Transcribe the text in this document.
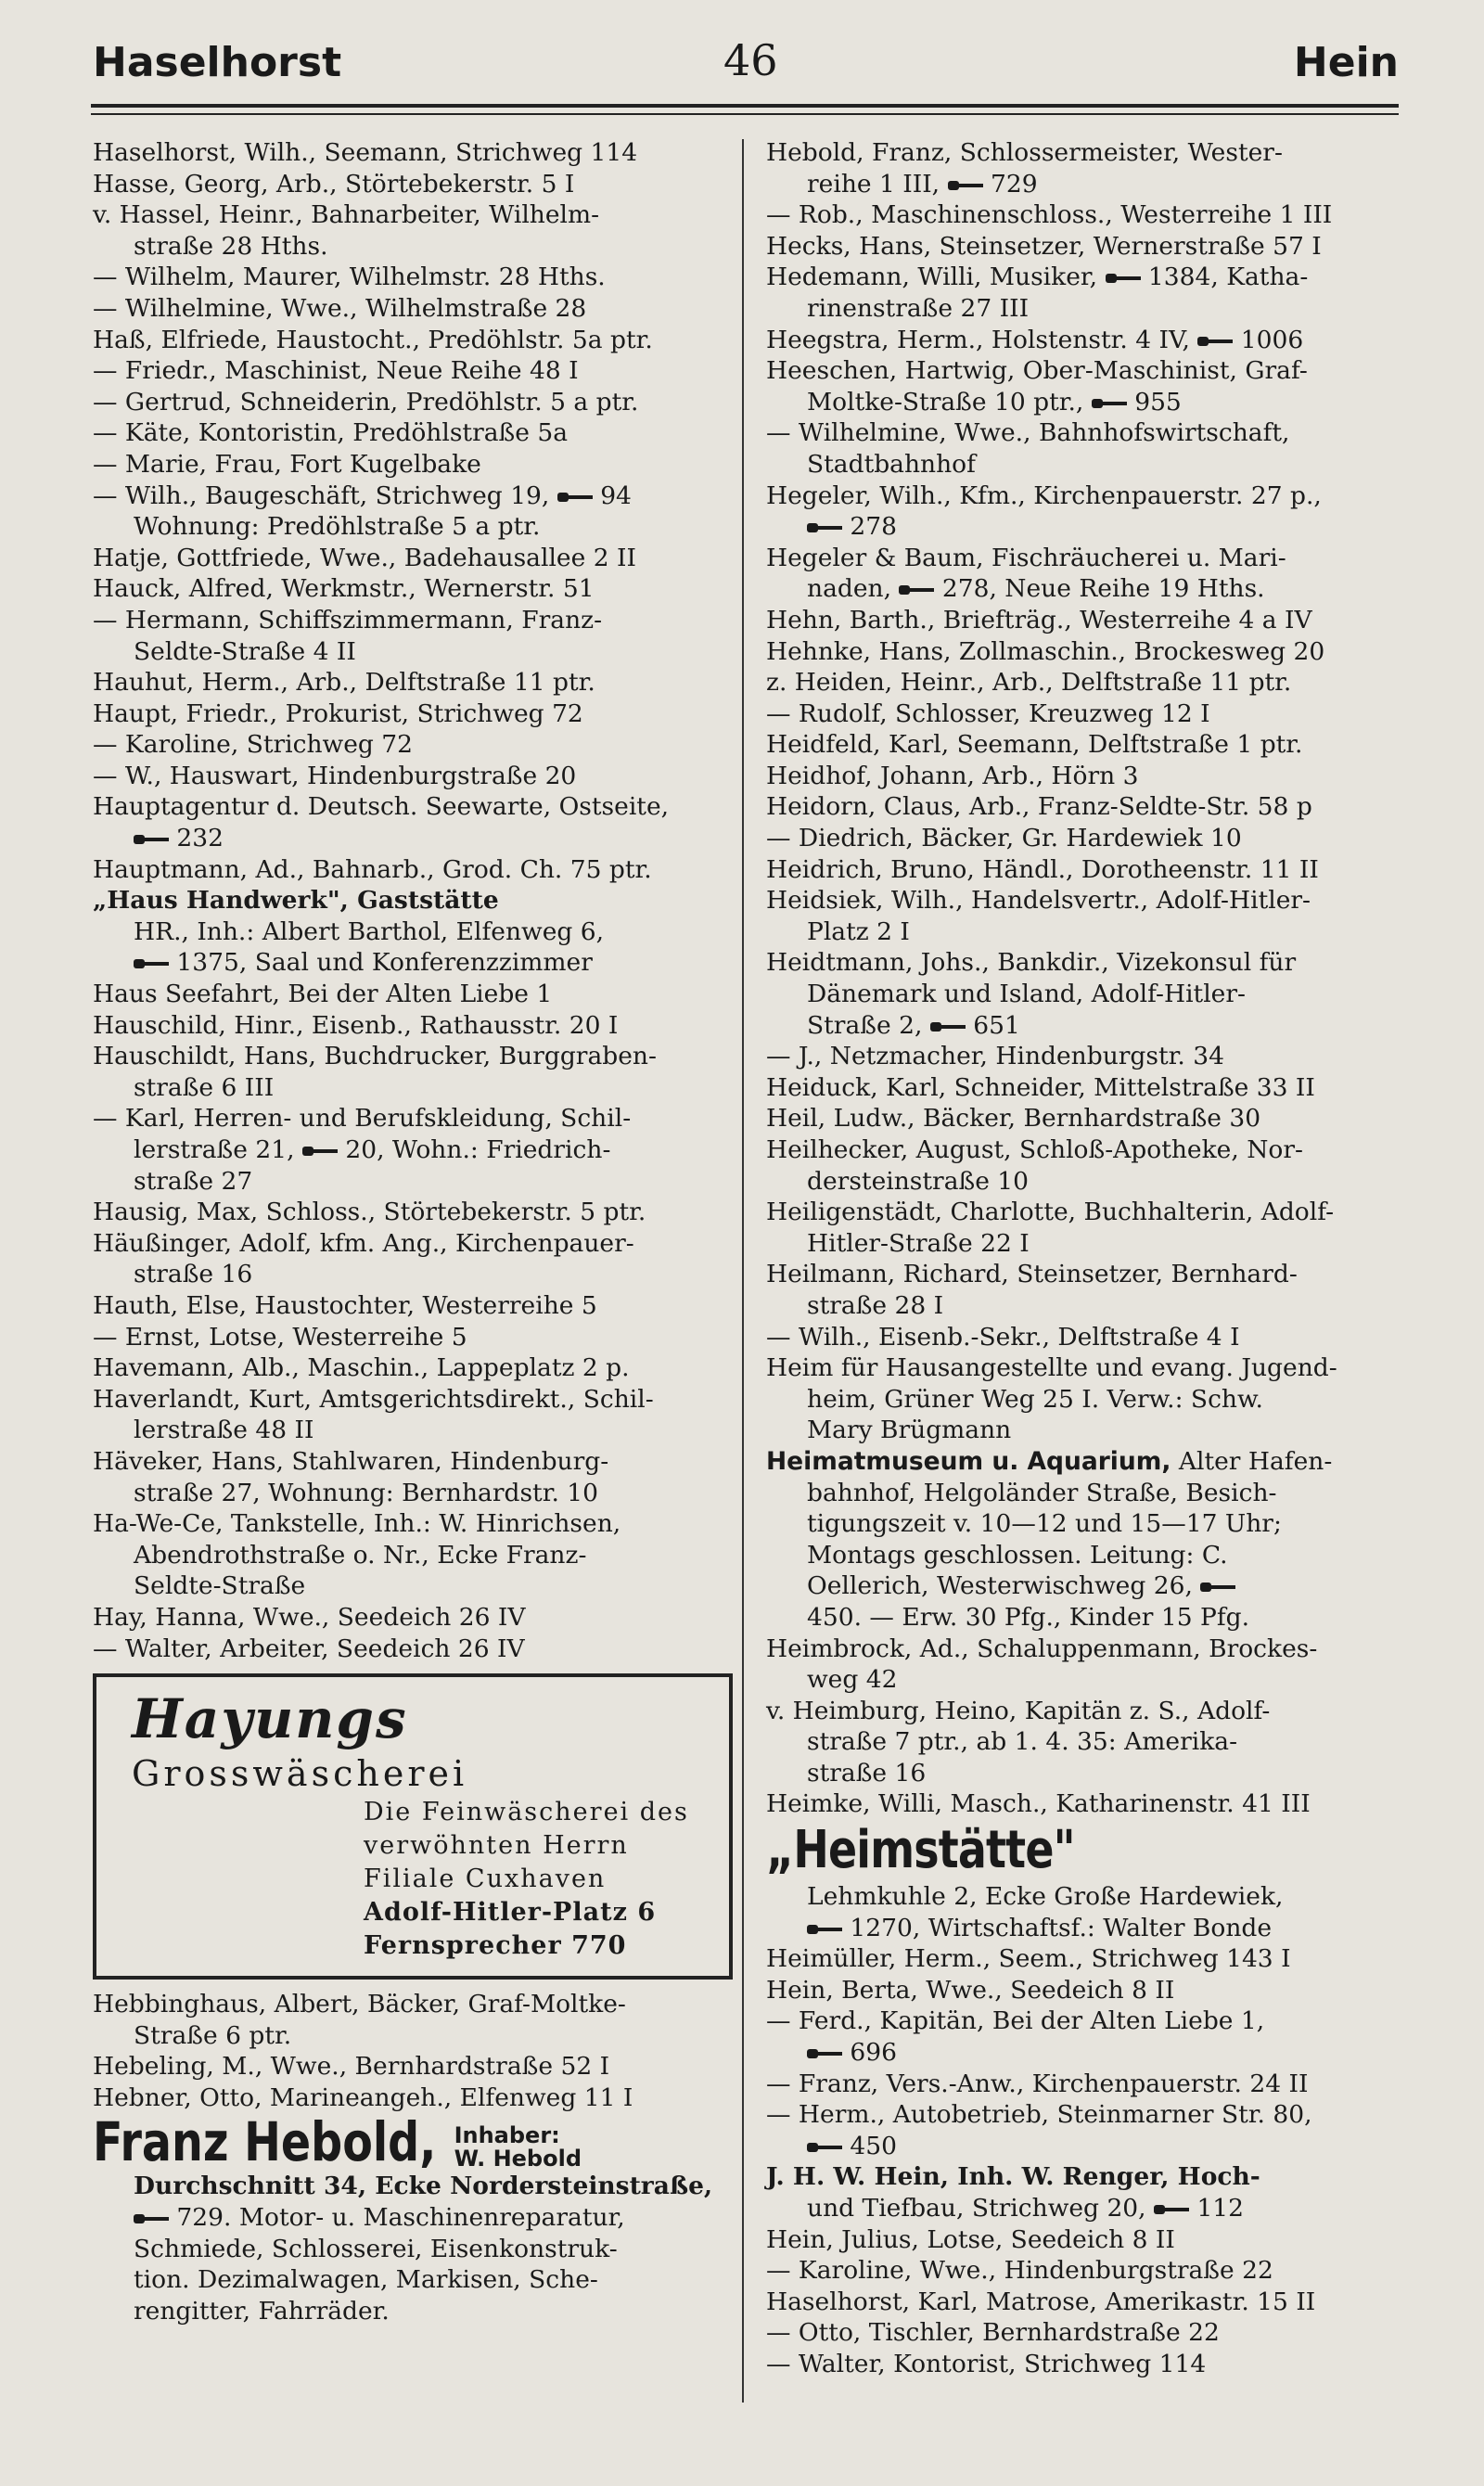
Haselhorst	46	Hein
Haselhorst, Wilh., Seemann, Strichweg 114
Hasse, Georg, Arb., Störtebekerstr. 5 I
v. Hassel, Heinr., Bahnarbeiter, Wilhelm-
straße 28 Hths.
— Wilhelm, Maurer, Wilhelmstr. 28 Hths.
— Wilhelmine, Wwe., Wilhelmstraße 28
Haß, Elfriede, Haustocht., Predöhlstr. 5a ptr.
— Friedr., Maschinist, Neue Reihe 48 I
— Gertrud, Schneiderin, Predöhlstr. 5 a ptr.
— Käte, Kontoristin, Predöhlstraße 5a
— Marie, Frau, Fort Kugelbake
— Wilh., Baugeschäft, Strichweg 19,  94
Wohnung: Predöhlstraße 5 a ptr.
Hatje, Gottfriede, Wwe., Badehausallee 2 II
Hauck, Alfred, Werkmstr., Wernerstr. 51
— Hermann, Schiffszimmermann, Franz-
Seldte-Straße 4 II
Hauhut, Herm., Arb., Delftstraße 11 ptr.
Haupt, Friedr., Prokurist, Strichweg 72
— Karoline, Strichweg 72
— W., Hauswart, Hindenburgstraße 20
Hauptagentur d. Deutsch. Seewarte, Ostseite,
232
Hauptmann, Ad., Bahnarb., Grod. Ch. 75 ptr.
„Haus Handwerk", Gaststätte
HR., Inh.: Albert Barthol, Elfenweg 6,
1375, Saal und Konferenzzimmer
Haus Seefahrt, Bei der Alten Liebe 1
Hauschild, Hinr., Eisenb., Rathausstr. 20 I
Hauschildt, Hans, Buchdrucker, Burggraben-
straße 6 III
— Karl, Herren- und Berufskleidung, Schil-
lerstraße 21,  20, Wohn.: Friedrich-
straße 27
Hausig, Max, Schloss., Störtebekerstr. 5 ptr.
Häußinger, Adolf, kfm. Ang., Kirchenpauer-
straße 16
Hauth, Else, Haustochter, Westerreihe 5
— Ernst, Lotse, Westerreihe 5
Havemann, Alb., Maschin., Lappeplatz 2 p.
Haverlandt, Kurt, Amtsgerichtsdirekt., Schil-
lerstraße 48 II
Häveker, Hans, Stahlwaren, Hindenburg-
straße 27, Wohnung: Bernhardstr. 10
Ha-We-Ce, Tankstelle, Inh.: W. Hinrichsen,
Abendrothstraße o. Nr., Ecke Franz-
Seldte-Straße
Hay, Hanna, Wwe., Seedeich 26 IV
— Walter, Arbeiter, Seedeich 26 IV
Hayungs
Grosswäscherei
Die Feinwäscherei des
verwöhnten Herrn
Filiale Cuxhaven
Adolf-Hitler-Platz 6
Fernsprecher 770
Hebbinghaus, Albert, Bäcker, Graf-Moltke-
Straße 6 ptr.
Hebeling, M., Wwe., Bernhardstraße 52 I
Hebner, Otto, Marineangeh., Elfenweg 11 I
Franz Hebold, Inhaber:
W. Hebold
Durchschnitt 34, Ecke Nordersteinstraße,
729. Motor- u. Maschinenreparatur,
Schmiede, Schlosserei, Eisenkonstruk-
tion. Dezimalwagen, Markisen, Sche-
rengitter, Fahrräder.
Hebold, Franz, Schlossermeister, Wester-
reihe 1 III,  729
— Rob., Maschinenschloss., Westerreihe 1 III
Hecks, Hans, Steinsetzer, Wernerstraße 57 I
Hedemann, Willi, Musiker,  1384, Katha-
rinenstraße 27 III
Heegstra, Herm., Holstenstr. 4 IV,  1006
Heeschen, Hartwig, Ober-Maschinist, Graf-
Moltke-Straße 10 ptr.,  955
— Wilhelmine, Wwe., Bahnhofswirtschaft,
Stadtbahnhof
Hegeler, Wilh., Kfm., Kirchenpauerstr. 27 p.,
278
Hegeler & Baum, Fischräucherei u. Mari-
naden,  278, Neue Reihe 19 Hths.
Hehn, Barth., Briefträg., Westerreihe 4 a IV
Hehnke, Hans, Zollmaschin., Brockesweg 20
z. Heiden, Heinr., Arb., Delftstraße 11 ptr.
— Rudolf, Schlosser, Kreuzweg 12 I
Heidfeld, Karl, Seemann, Delftstraße 1 ptr.
Heidhof, Johann, Arb., Hörn 3
Heidorn, Claus, Arb., Franz-Seldte-Str. 58 p
— Diedrich, Bäcker, Gr. Hardewiek 10
Heidrich, Bruno, Händl., Dorotheenstr. 11 II
Heidsiek, Wilh., Handelsvertr., Adolf-Hitler-
Platz 2 I
Heidtmann, Johs., Bankdir., Vizekonsul für
Dänemark und Island, Adolf-Hitler-
Straße 2,  651
— J., Netzmacher, Hindenburgstr. 34
Heiduck, Karl, Schneider, Mittelstraße 33 II
Heil, Ludw., Bäcker, Bernhardstraße 30
Heilhecker, August, Schloß-Apotheke, Nor-
dersteinstraße 10
Heiligenstädt, Charlotte, Buchhalterin, Adolf-
Hitler-Straße 22 I
Heilmann, Richard, Steinsetzer, Bernhard-
straße 28 I
— Wilh., Eisenb.-Sekr., Delftstraße 4 I
Heim für Hausangestellte und evang. Jugend-
heim, Grüner Weg 25 I. Verw.: Schw.
Mary Brügmann
Heimatmuseum u. Aquarium, Alter Hafen-
bahnhof, Helgoländer Straße, Besich-
tigungszeit v. 10—12 und 15—17 Uhr;
Montags geschlossen. Leitung: C.
Oellerich, Westerwischweg 26,
450. — Erw. 30 Pfg., Kinder 15 Pfg.
Heimbrock, Ad., Schaluppenmann, Brockes-
weg 42
v. Heimburg, Heino, Kapitän z. S., Adolf-
straße 7 ptr., ab 1. 4. 35: Amerika-
straße 16
Heimke, Willi, Masch., Katharinenstr. 41 III
„Heimstätte"
Lehmkuhle 2, Ecke Große Hardewiek,
1270, Wirtschaftsf.: Walter Bonde
Heimüller, Herm., Seem., Strichweg 143 I
Hein, Berta, Wwe., Seedeich 8 II
— Ferd., Kapitän, Bei der Alten Liebe 1,
696
— Franz, Vers.-Anw., Kirchenpauerstr. 24 II
— Herm., Autobetrieb, Steinmarner Str. 80,
450
J. H. W. Hein, Inh. W. Renger, Hoch-
und Tiefbau, Strichweg 20,  112
Hein, Julius, Lotse, Seedeich 8 II
— Karoline, Wwe., Hindenburgstraße 22
Haselhorst, Karl, Matrose, Amerikastr. 15 II
— Otto, Tischler, Bernhardstraße 22
— Walter, Kontorist, Strichweg 114
